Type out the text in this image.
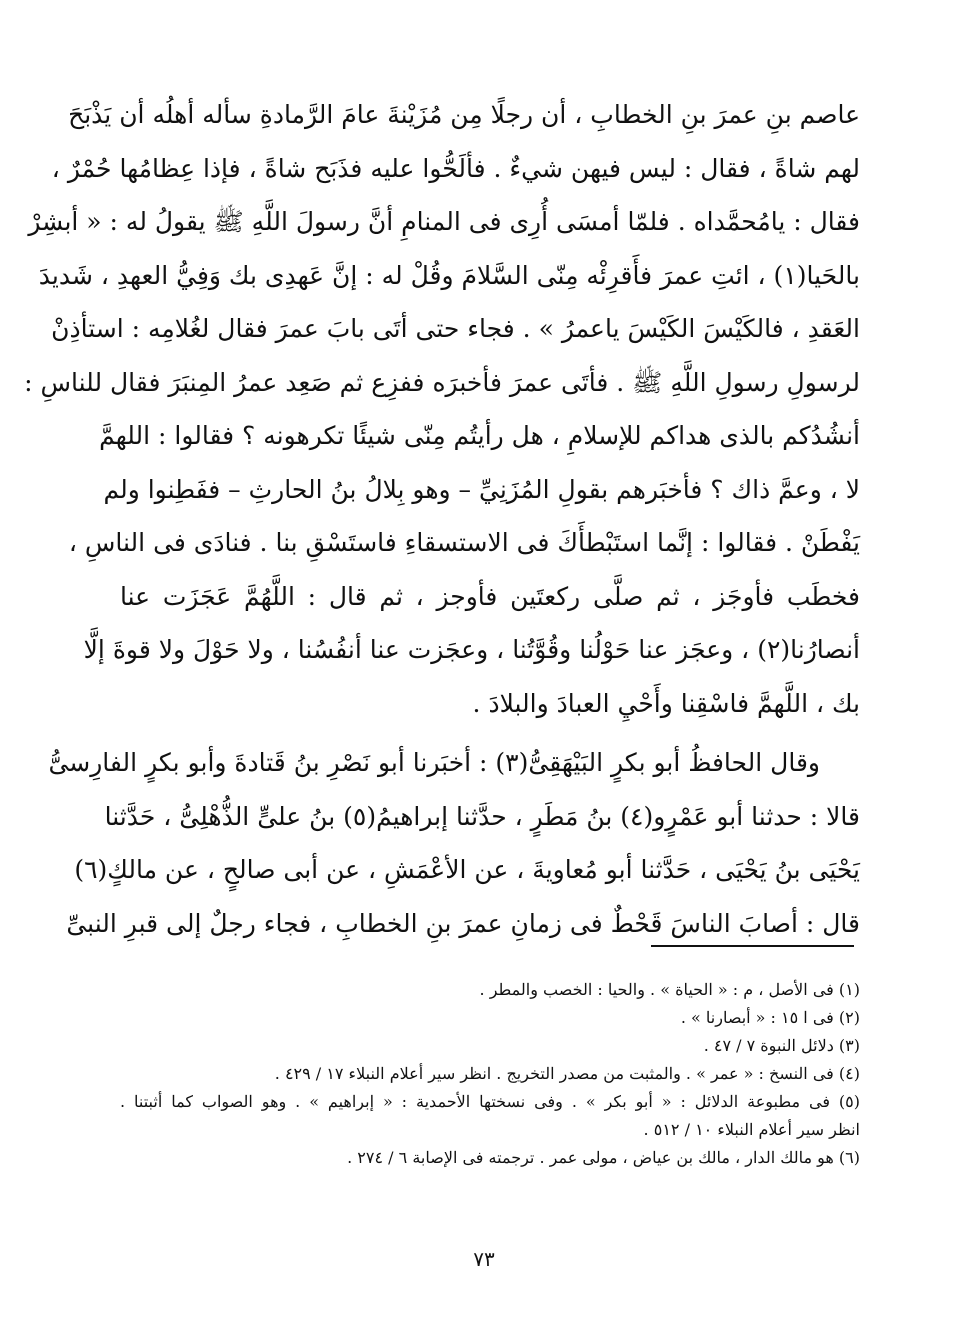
عاصم بنِ عمرَ بنِ الخطابِ ، أن رجلًا مِن مُزَيْنةَ عامَ الرَّمادةِ سأله أهلُه أن يَذْبَحَ
لهم شاةً ، فقال : ليس فيهن شيءٌ . فألَحُّوا عليه فذَبَح شاةً ، فإذا عِظامُها حُمْرٌ ،
فقال : يامُحمَّداه . فلمّا أمسَى أُرِى فى المنامِ أنَّ رسولَ اللَّهِ ﷺ يقولُ له : « أبشِرْ
بالحَيا(١) ، ائتِ عمرَ فأَقرِئْه مِنّى السَّلامَ وقُلْ له : إنَّ عَهدِى بك وَفِيُّ العهدِ ، شَديدَ
العَقدِ ، فالكَيْسَ الكَيْسَ ياعمرُ » . فجاء حتى أتَى بابَ عمرَ فقال لغُلامِه : استأذِنْ
لرسولِ رسولِ اللَّهِ ﷺ . فأتَى عمرَ فأخبرَه ففزِع ثم صَعِد عمرُ المِنبَرَ فقال للناسِ :
أنشُدُكم بالذى هداكم للإسلامِ ، هل رأيتُم مِنّى شيئًا تكرهونه ؟ فقالوا : اللهمَّ
لا ، وعمَّ ذاك ؟ فأخبَرهم بقولِ المُزَنِيِّ – وهو بِلالُ بنُ الحارثِ – ففَطِنوا ولم
يَفْطَنْ . فقالوا : إنَّما استَبْطأَكَ فى الاستسقاءِ فاستَسْقِ بنا . فنادَى فى الناسِ ،
فخطَب فأوجَز ، ثم صلَّى ركعتَين فأوجز ، ثم قال : اللَّهُمَّ عَجَزَت عنا
أنصارُنا(٢) ، وعجَز عنا حَوْلُنا وقُوَّتُنا ، وعجَزت عنا أنفُسُنا ، ولا حَوْلَ ولا قوةَ إلَّا
بك ، اللَّهمَّ فاسْقِنا وأَحْيِ العبادَ والبلادَ .
وقال الحافظُ أبو بكرٍ البَيْهَقِىُّ(٣) : أخبَرنا أبو نَصْرِ بنُ قَتادةَ وأبو بكرٍ الفارِسىُّ
قالا : حدثنا أبو عَمْرٍو(٤) بنُ مَطَرٍ ، حدَّثنا إبراهيمُ(٥) بنُ علىٍّ الذُّهْلِىُّ ، حَدَّثنا
يَحْيَى بنُ يَحْيَى ، حَدَّثنا أبو مُعاويةَ ، عن الأعْمَشِ ، عن أبى صالحٍ ، عن مالكٍ(٦)
قال : أصابَ الناسَ قَحْطٌ فى زمانِ عمرَ بنِ الخطابِ ، فجاء رجلٌ إلى قبرِ النبىِّ
(١) فى الأصل ، م : « الحياة » . والحيا : الخصب والمطر .
(٢) فى ا ١٥ : « أبصارنا » .
(٣) دلائل النبوة ٧ / ٤٧ .
(٤) فى النسخ : « عمر » . والمثبت من مصدر التخريج . انظر سير أعلام النبلاء ١٧ / ٤٢٩ .
(٥) فى مطبوعة الدلائل : « أبو بكر » . وفى نسختها الأحمدية : « إبراهيم » . وهو الصواب كما أثبتنا .
انظر سير أعلام النبلاء ١٠ / ٥١٢ .
(٦) هو مالك الدار ، مالك بن عياض ، مولى عمر . ترجمته فى الإصابة ٦ / ٢٧٤ .
٧٣
